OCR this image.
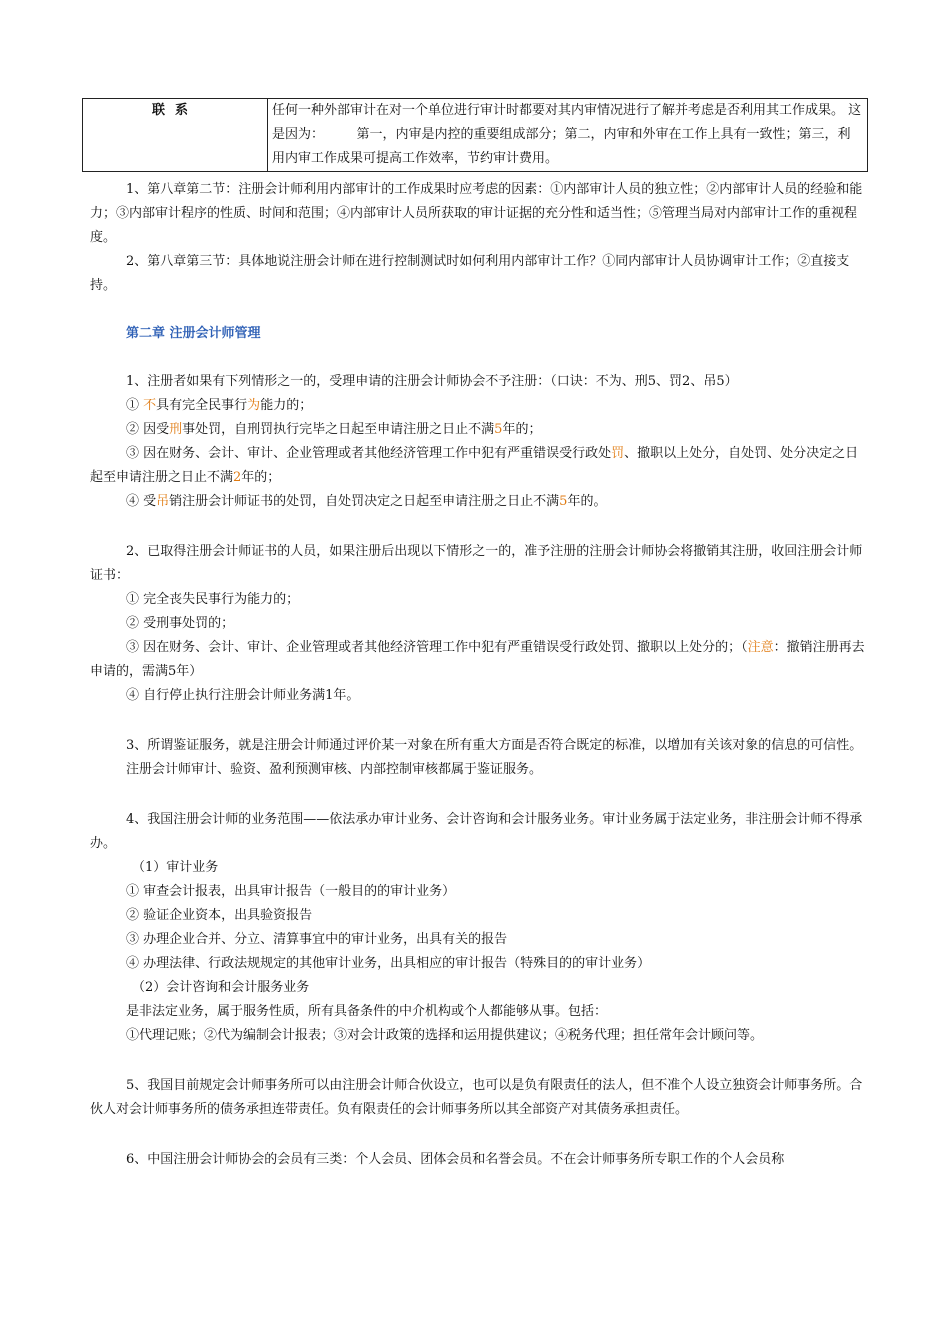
联系	任何一种外部审计在对一个单位进行审计时都要对其内审情况进行了解并考虑是否利用其工作成果。 这是因为：　　　第一，内审是内控的重要组成部分；第二，内审和外审在工作上具有一致性；第三，利用内审工作成果可提高工作效率，节约审计费用。

1、第八章第二节：注册会计师利用内部审计的工作成果时应考虑的因素：①内部审计人员的独立性；②内部审计人员的经验和能力；③内部审计程序的性质、时间和范围；④内部审计人员所获取的审计证据的充分性和适当性；⑤管理当局对内部审计工作的重视程度。

2、第八章第三节：具体地说注册会计师在进行控制测试时如何利用内部审计工作？①同内部审计人员协调审计工作；②直接支持。

第二章 注册会计师管理

1、注册者如果有下列情形之一的，受理申请的注册会计师协会不予注册：（口诀：不为、刑5、罚2、吊5）

① 不具有完全民事行为能力的；

② 因受刑事处罚，自刑罚执行完毕之日起至申请注册之日止不满5年的；

③ 因在财务、会计、审计、企业管理或者其他经济管理工作中犯有严重错误受行政处罚、撤职以上处分，自处罚、处分决定之日起至申请注册之日止不满2年的；

④ 受吊销注册会计师证书的处罚，自处罚决定之日起至申请注册之日止不满5年的。

2、已取得注册会计师证书的人员，如果注册后出现以下情形之一的，准予注册的注册会计师协会将撤销其注册，收回注册会计师证书：

① 完全丧失民事行为能力的；

② 受刑事处罚的；

③ 因在财务、会计、审计、企业管理或者其他经济管理工作中犯有严重错误受行政处罚、撤职以上处分的；（注意：撤销注册再去申请的，需满5年）

④ 自行停止执行注册会计师业务满1年。

3、所谓鉴证服务，就是注册会计师通过评价某一对象在所有重大方面是否符合既定的标准，以增加有关该对象的信息的可信性。

注册会计师审计、验资、盈利预测审核、内部控制审核都属于鉴证服务。

4、我国注册会计师的业务范围——依法承办审计业务、会计咨询和会计服务业务。审计业务属于法定业务，非注册会计师不得承办。

（1）审计业务

① 审查会计报表，出具审计报告（一般目的的审计业务）

② 验证企业资本，出具验资报告

③ 办理企业合并、分立、清算事宜中的审计业务，出具有关的报告

④ 办理法律、行政法规规定的其他审计业务，出具相应的审计报告（特殊目的的审计业务）

（2）会计咨询和会计服务业务

是非法定业务，属于服务性质，所有具备条件的中介机构或个人都能够从事。包括：

①代理记账；②代为编制会计报表；③对会计政策的选择和运用提供建议；④税务代理；担任常年会计顾问等。

5、我国目前规定会计师事务所可以由注册会计师合伙设立，也可以是负有限责任的法人，但不准个人设立独资会计师事务所。合伙人对会计师事务所的债务承担连带责任。负有限责任的会计师事务所以其全部资产对其债务承担责任。

6、中国注册会计师协会的会员有三类：个人会员、团体会员和名誉会员。不在会计师事务所专职工作的个人会员称
